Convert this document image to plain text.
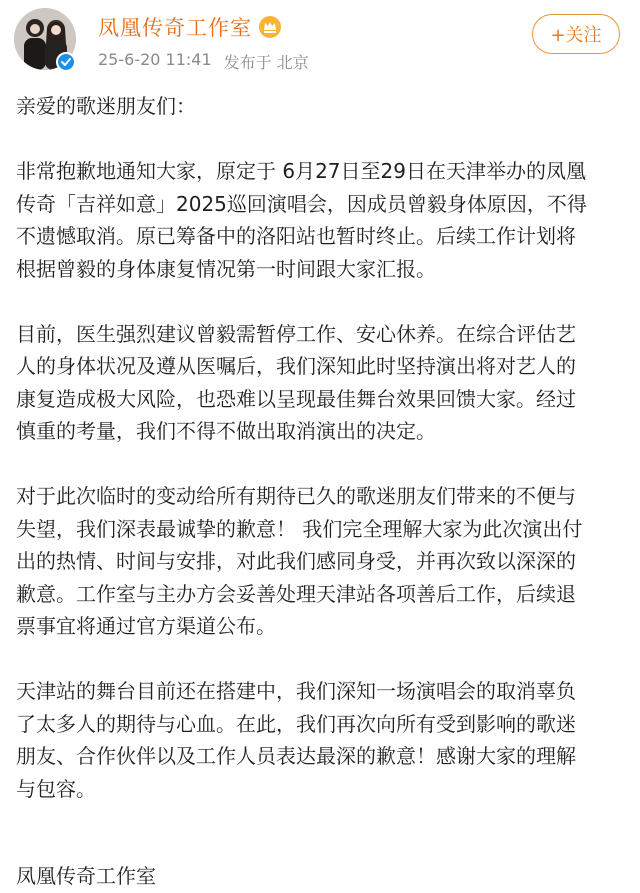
凤凰传奇工作室
25-6-20 11:41 发布于 北京
+关注

亲爱的歌迷朋友们：

非常抱歉地通知大家，原定于 6月27日至29日在天津举办的凤凰
传奇「吉祥如意」2025巡回演唱会，因成员曾毅身体原因，不得
不遗憾取消。原已筹备中的洛阳站也暂时终止。后续工作计划将
根据曾毅的身体康复情况第一时间跟大家汇报。

目前，医生强烈建议曾毅需暂停工作、安心休养。在综合评估艺
人的身体状况及遵从医嘱后，我们深知此时坚持演出将对艺人的
康复造成极大风险，也恐难以呈现最佳舞台效果回馈大家。经过
慎重的考量，我们不得不做出取消演出的决定。

对于此次临时的变动给所有期待已久的歌迷朋友们带来的不便与
失望，我们深表最诚挚的歉意！ 我们完全理解大家为此次演出付
出的热情、时间与安排，对此我们感同身受，并再次致以深深的
歉意。工作室与主办方会妥善处理天津站各项善后工作，后续退
票事宜将通过官方渠道公布。

天津站的舞台目前还在搭建中，我们深知一场演唱会的取消辜负
了太多人的期待与心血。在此，我们再次向所有受到影响的歌迷
朋友、合作伙伴以及工作人员表达最深的歉意！感谢大家的理解
与包容。

凤凰传奇工作室
